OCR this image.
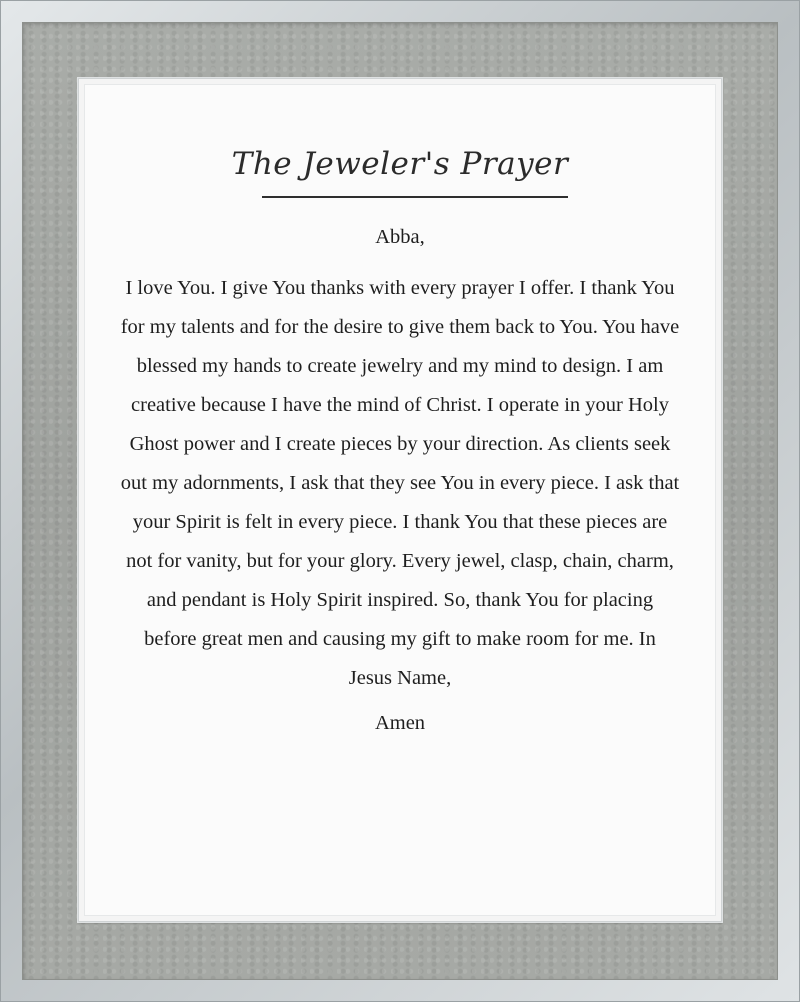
The Jeweler's Prayer

Abba,

I love You. I give You thanks with every prayer I offer. I thank You for my talents and for the desire to give them back to You. You have blessed my hands to create jewelry and my mind to design. I am creative because I have the mind of Christ. I operate in your Holy Ghost power and I create pieces by your direction. As clients seek out my adornments, I ask that they see You in every piece. I ask that your Spirit is felt in every piece. I thank You that these pieces are not for vanity, but for your glory. Every jewel, clasp, chain, charm, and pendant is Holy Spirit inspired. So, thank You for placing before great men and causing my gift to make room for me. In Jesus Name,

Amen
